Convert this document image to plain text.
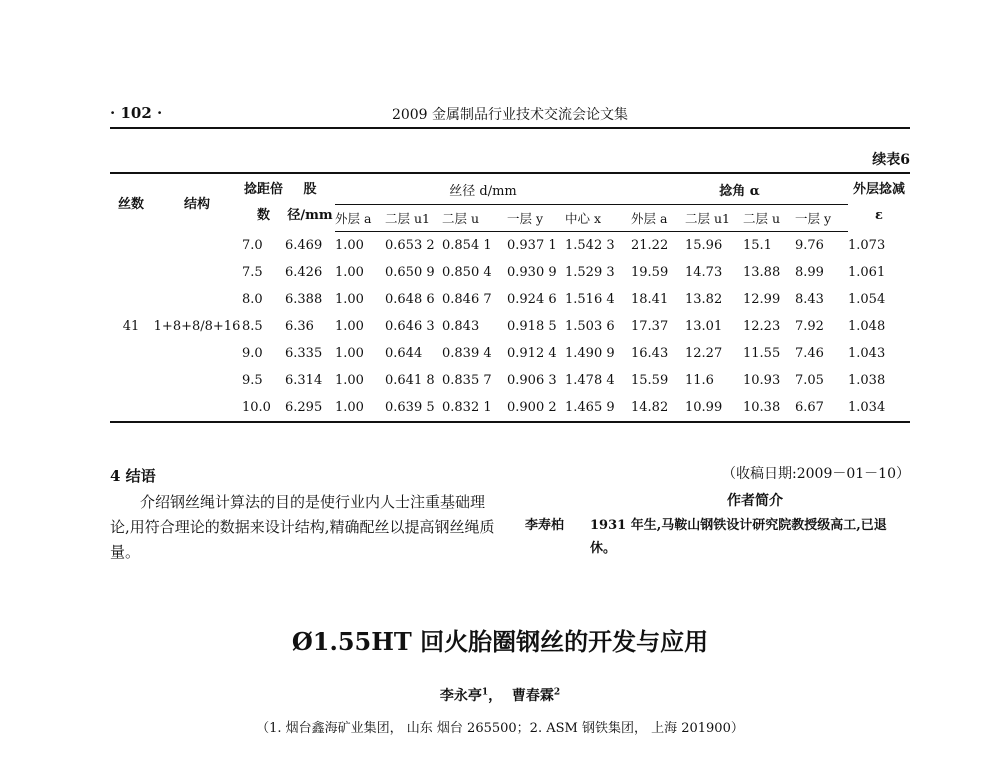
· 102 ·	2009 金属制品行业技术交流会论文集
续表6
丝数	结构	捻距倍数	股径/mm	丝径 d/mm					捻角 α				外层捻减 ε
				外层 a	二层 u1	二层 u	一层 y	中心 x	外层 a	二层 u1	二层 u	一层 y	
41	1+8+8/8+16	7.0	6.469	1.00	0.653 2	0.854 1	0.937 1	1.542 3	21.22	15.96	15.1	9.76	1.073
		7.5	6.426	1.00	0.650 9	0.850 4	0.930 9	1.529 3	19.59	14.73	13.88	8.99	1.061
		8.0	6.388	1.00	0.648 6	0.846 7	0.924 6	1.516 4	18.41	13.82	12.99	8.43	1.054
		8.5	6.36	1.00	0.646 3	0.843	0.918 5	1.503 6	17.37	13.01	12.23	7.92	1.048
		9.0	6.335	1.00	0.644	0.839 4	0.912 4	1.490 9	16.43	12.27	11.55	7.46	1.043
		9.5	6.314	1.00	0.641 8	0.835 7	0.906 3	1.478 4	15.59	11.6	10.93	7.05	1.038
		10.0	6.295	1.00	0.639 5	0.832 1	0.900 2	1.465 9	14.82	10.99	10.38	6.67	1.034
4 结语
介绍钢丝绳计算法的目的是使行业内人士注重基础理论,用符合理论的数据来设计结构,精确配丝以提高钢丝绳质量。
（收稿日期:2009－01－10）
作者简介
李寿柏 1931 年生,马鞍山钢铁设计研究院教授级高工,已退休。
Ø1.55HT 回火胎圈钢丝的开发与应用
李永亭$^1$， 曹春霖$^2$
（1. 烟台鑫海矿业集团， 山东 烟台 265500；2. ASM 钢铁集团， 上海 201900）
